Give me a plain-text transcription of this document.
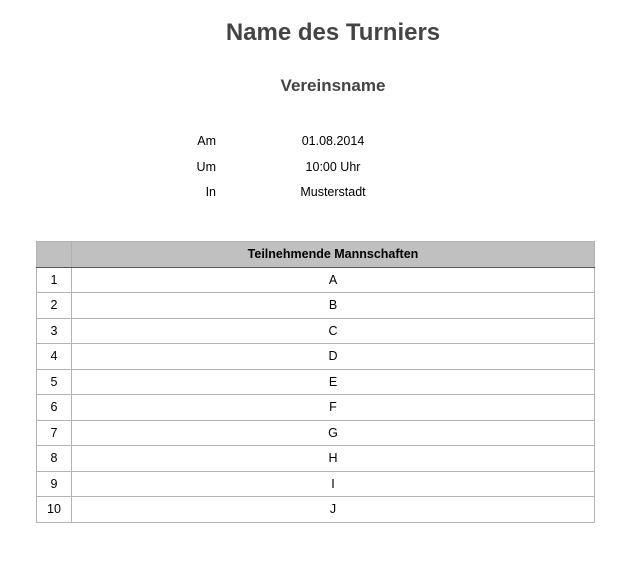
Name des Turniers
Vereinsname
Am	01.08.2014
Um	10:00 Uhr
In	Musterstadt
	Teilnehmende Mannschaften
1	A
2	B
3	C
4	D
5	E
6	F
7	G
8	H
9	I
10	J
